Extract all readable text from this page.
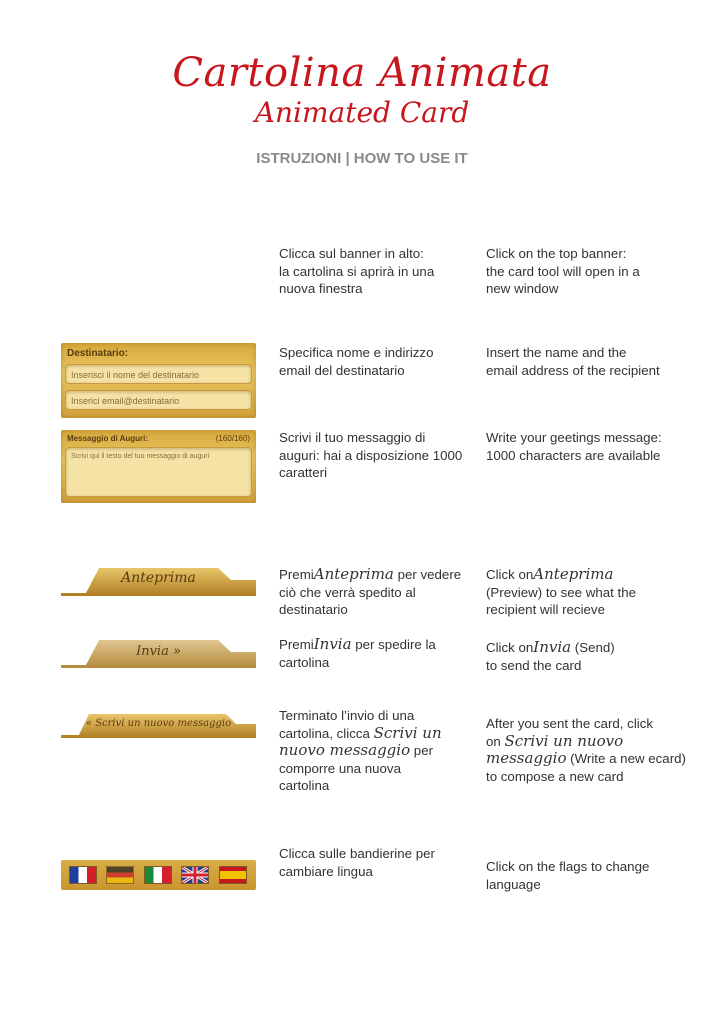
Cartolina Animata
Animated Card
ISTRUZIONI | HOW TO USE IT
Clicca sul banner in alto:
la cartolina si aprirà in una
nuova finestra
Click on the top banner:
the card tool will open in a
new window
Destinatario:
Inserisci il nome del destinatario
Inserici email@destinatario
Specifica nome e indirizzo
email del destinatario
Insert the name and the
email address of the recipient
Messaggio di Auguri:	(160/160)
Scrivi qui il testo del tuo messaggio di auguri
Scrivi il tuo messaggio di
auguri: hai a disposizione 1000
caratteri
Write your geetings message:
1000 characters are available
Anteprima	PremiAnteprima per vedere
ciò che verrà spedito al
destinatario
Click onAnteprima
(Preview) to see what the
recipient will recieve
Invia »	PremiInvia per spedire la
cartolina
Click onInvia (Send)
to send the card
« Scrivi un nuovo messaggio
Terminato l’invio di una
cartolina, clicca Scrivi un
nuovo messaggio per
comporre una nuova
cartolina
After you sent the card, click
on Scrivi un nuovo
messaggio (Write a new ecard)
to compose a new card
Clicca sulle bandierine per
cambiare lingua	Click on the flags to change
language
